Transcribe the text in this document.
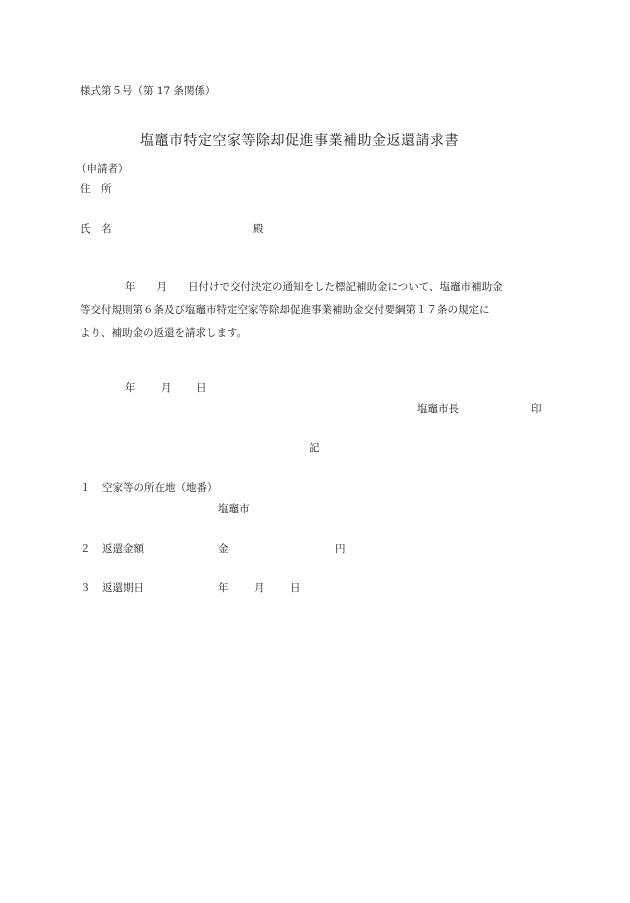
様式第５号（第 17 条関係）
塩竈市特定空家等除却促進事業補助金返還請求書
（申請者）
住　所
氏　名	殿
年 月 日付けで交付決定の通知をした標記補助金について、塩竈市補助金
等交付規則第６条及び塩竈市特定空家等除却促進事業補助金交付要綱第１７条の規定に
より、補助金の返還を請求します。
年 月 日
塩竈市長	印
記
１ 空家等の所在地（地番）
塩竈市
２ 返還金額	金	円
３ 返還期日	年 月 日
